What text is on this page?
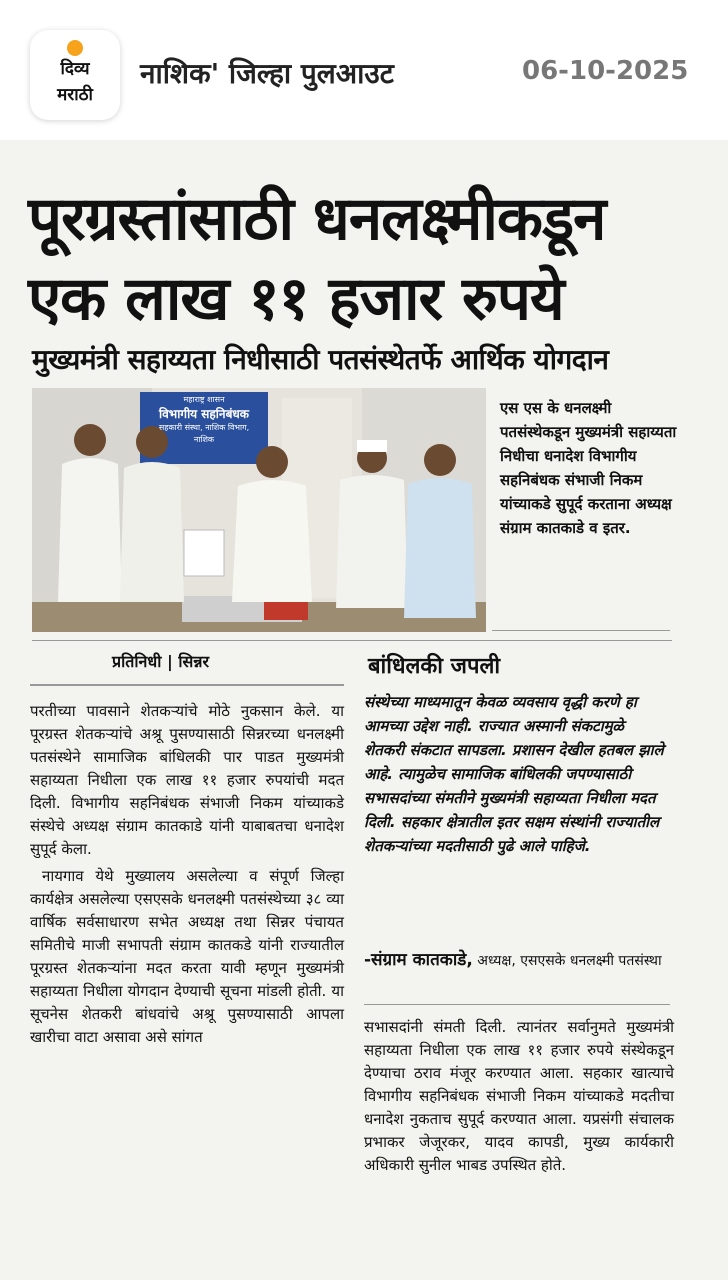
दिव्य
मराठी
नाशिक' जिल्हा पुलआउट	06-10-2025
पूरग्रस्तांसाठी धनलक्ष्मीकडून
एक लाख ११ हजार रुपये
मुख्यमंत्री सहाय्यता निधीसाठी पतसंस्थेतर्फे आर्थिक योगदान
महाराष्ट्र शासन
विभागीय सहनिबंधक
सहकारी संस्था, नाशिक विभाग,
नाशिक
एस एस के धनलक्ष्मी पतसंस्थेकडून मुख्यमंत्री सहाय्यता निधीचा धनादेश विभागीय सहनिबंधक संभाजी निकम यांच्याकडे सुपूर्द करताना अध्यक्ष संग्राम कातकाडे व इतर.
प्रतिनिधी | सिन्नर	बांधिलकी जपली
संस्थेच्या माध्यमातून केवळ व्यवसाय वृद्धी करणे हा आमच्या उद्देश नाही. राज्यात अस्मानी संकटामुळे शेतकरी संकटात सापडला. प्रशासन देखील हतबल झाले आहे. त्यामुळेच सामाजिक बांधिलकी जपण्यासाठी सभासदांच्या संमतीने मुख्यमंत्री सहाय्यता निधीला मदत दिली. सहकार क्षेत्रातील इतर सक्षम संस्थांनी राज्यातील शेतकऱ्यांच्या मदतीसाठी पुढे आले पाहिजे.
-संग्राम कातकाडे, अध्यक्ष, एसएसके धनलक्ष्मी पतसंस्था

परतीच्या पावसाने शेतकऱ्यांचे मोठे नुकसान केले. या पूरग्रस्त शेतकऱ्यांचे अश्रू पुसण्यासाठी सिन्नरच्या धनलक्ष्मी पतसंस्थेने सामाजिक बांधिलकी पार पाडत मुख्यमंत्री सहाय्यता निधीला एक लाख ११ हजार रुपयांची मदत दिली. विभागीय सहनिबंधक संभाजी निकम यांच्याकडे संस्थेचे अध्यक्ष संग्राम कातकाडे यांनी याबाबतचा धनादेश सुपूर्द केला.

नायगाव येथे मुख्यालय असलेल्या व संपूर्ण जिल्हा कार्यक्षेत्र असलेल्या एसएसके धनलक्ष्मी पतसंस्थेच्या ३८ व्या वार्षिक सर्वसाधारण सभेत अध्यक्ष तथा सिन्नर पंचायत समितीचे माजी सभापती संग्राम कातकडे यांनी राज्यातील पूरग्रस्त शेतकऱ्यांना मदत करता यावी म्हणून मुख्यमंत्री सहाय्यता निधीला योगदान देण्याची सूचना मांडली होती. या सूचनेस शेतकरी बांधवांचे अश्रू पुसण्यासाठी आपला खारीचा वाटा असावा असे सांगत

सभासदांनी संमती दिली. त्यानंतर सर्वानुमते मुख्यमंत्री सहाय्यता निधीला एक लाख ११ हजार रुपये संस्थेकडून देण्याचा ठराव मंजूर करण्यात आला. सहकार खात्याचे विभागीय सहनिबंधक संभाजी निकम यांच्याकडे मदतीचा धनादेश नुकताच सुपूर्द करण्यात आला. यप्रसंगी संचालक प्रभाकर जेजूरकर, यादव कापडी, मुख्य कार्यकारी अधिकारी सुनील भाबड उपस्थित होते.
